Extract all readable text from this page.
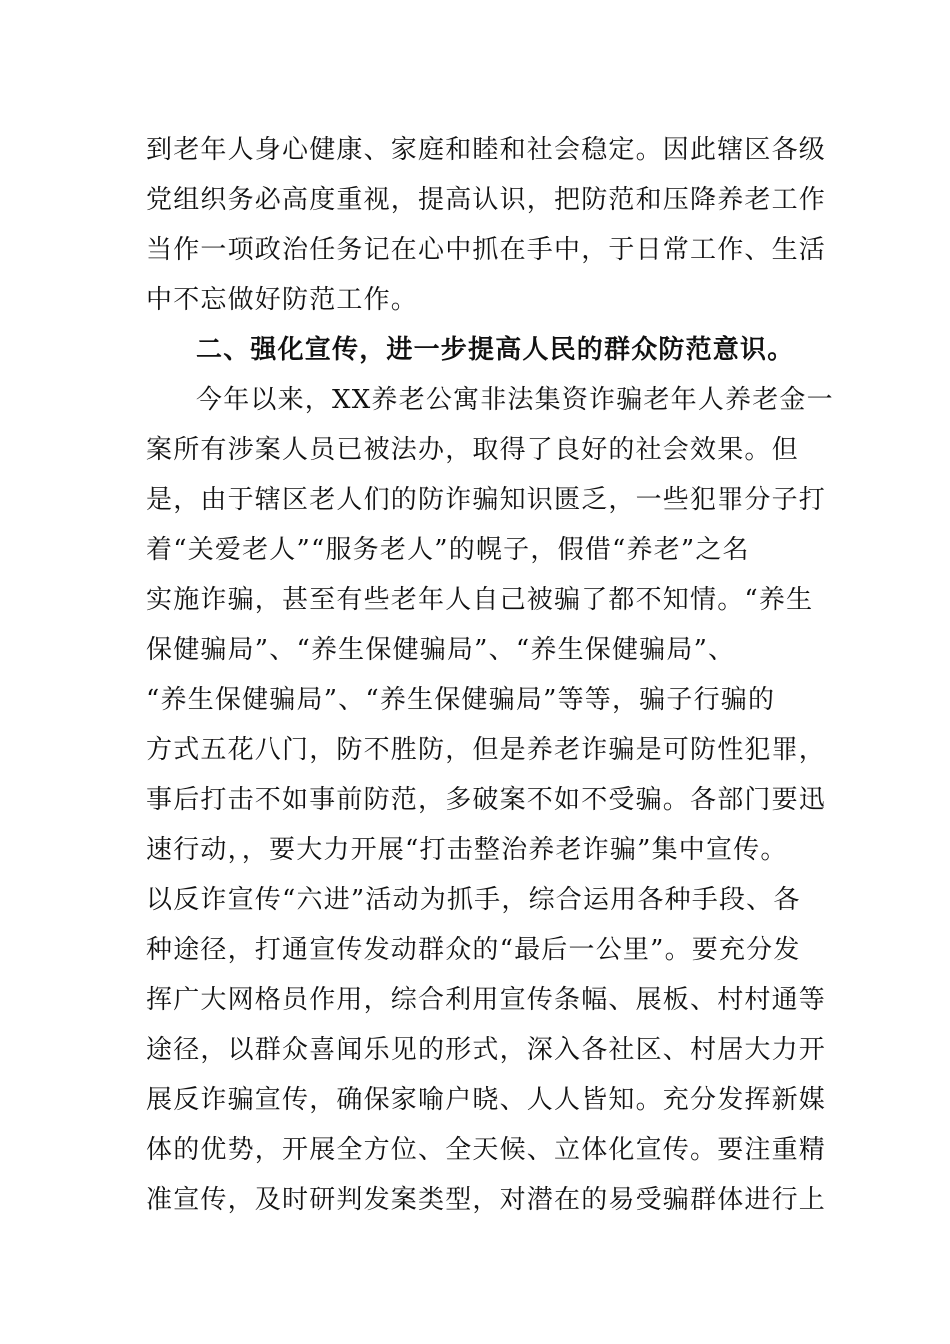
到老年人身心健康、家庭和睦和社会稳定。因此辖区各级
党组织务必高度重视，提高认识，把防范和压降养老工作
当作一项政治任务记在心中抓在手中，于日常工作、生活
中不忘做好防范工作。
二、强化宣传，进一步提高人民的群众防范意识。
今年以来，XX养老公寓非法集资诈骗老年人养老金一
案所有涉案人员已被法办，取得了良好的社会效果。但
是，由于辖区老人们的防诈骗知识匮乏，一些犯罪分子打
着“关爱老人”“服务老人”的幌子，假借“养老”之名
实施诈骗，甚至有些老年人自己被骗了都不知情。“养生
保健骗局”、“养生保健骗局”、“养生保健骗局”、
“养生保健骗局”、“养生保健骗局”等等，骗子行骗的
方式五花八门，防不胜防，但是养老诈骗是可防性犯罪，
事后打击不如事前防范，多破案不如不受骗。各部门要迅
速行动，，要大力开展“打击整治养老诈骗”集中宣传。
以反诈宣传“六进”活动为抓手，综合运用各种手段、各
种途径，打通宣传发动群众的“最后一公里”。要充分发
挥广大网格员作用，综合利用宣传条幅、展板、村村通等
途径，以群众喜闻乐见的形式，深入各社区、村居大力开
展反诈骗宣传，确保家喻户晓、人人皆知。充分发挥新媒
体的优势，开展全方位、全天候、立体化宣传。要注重精
准宣传，及时研判发案类型，对潜在的易受骗群体进行上
